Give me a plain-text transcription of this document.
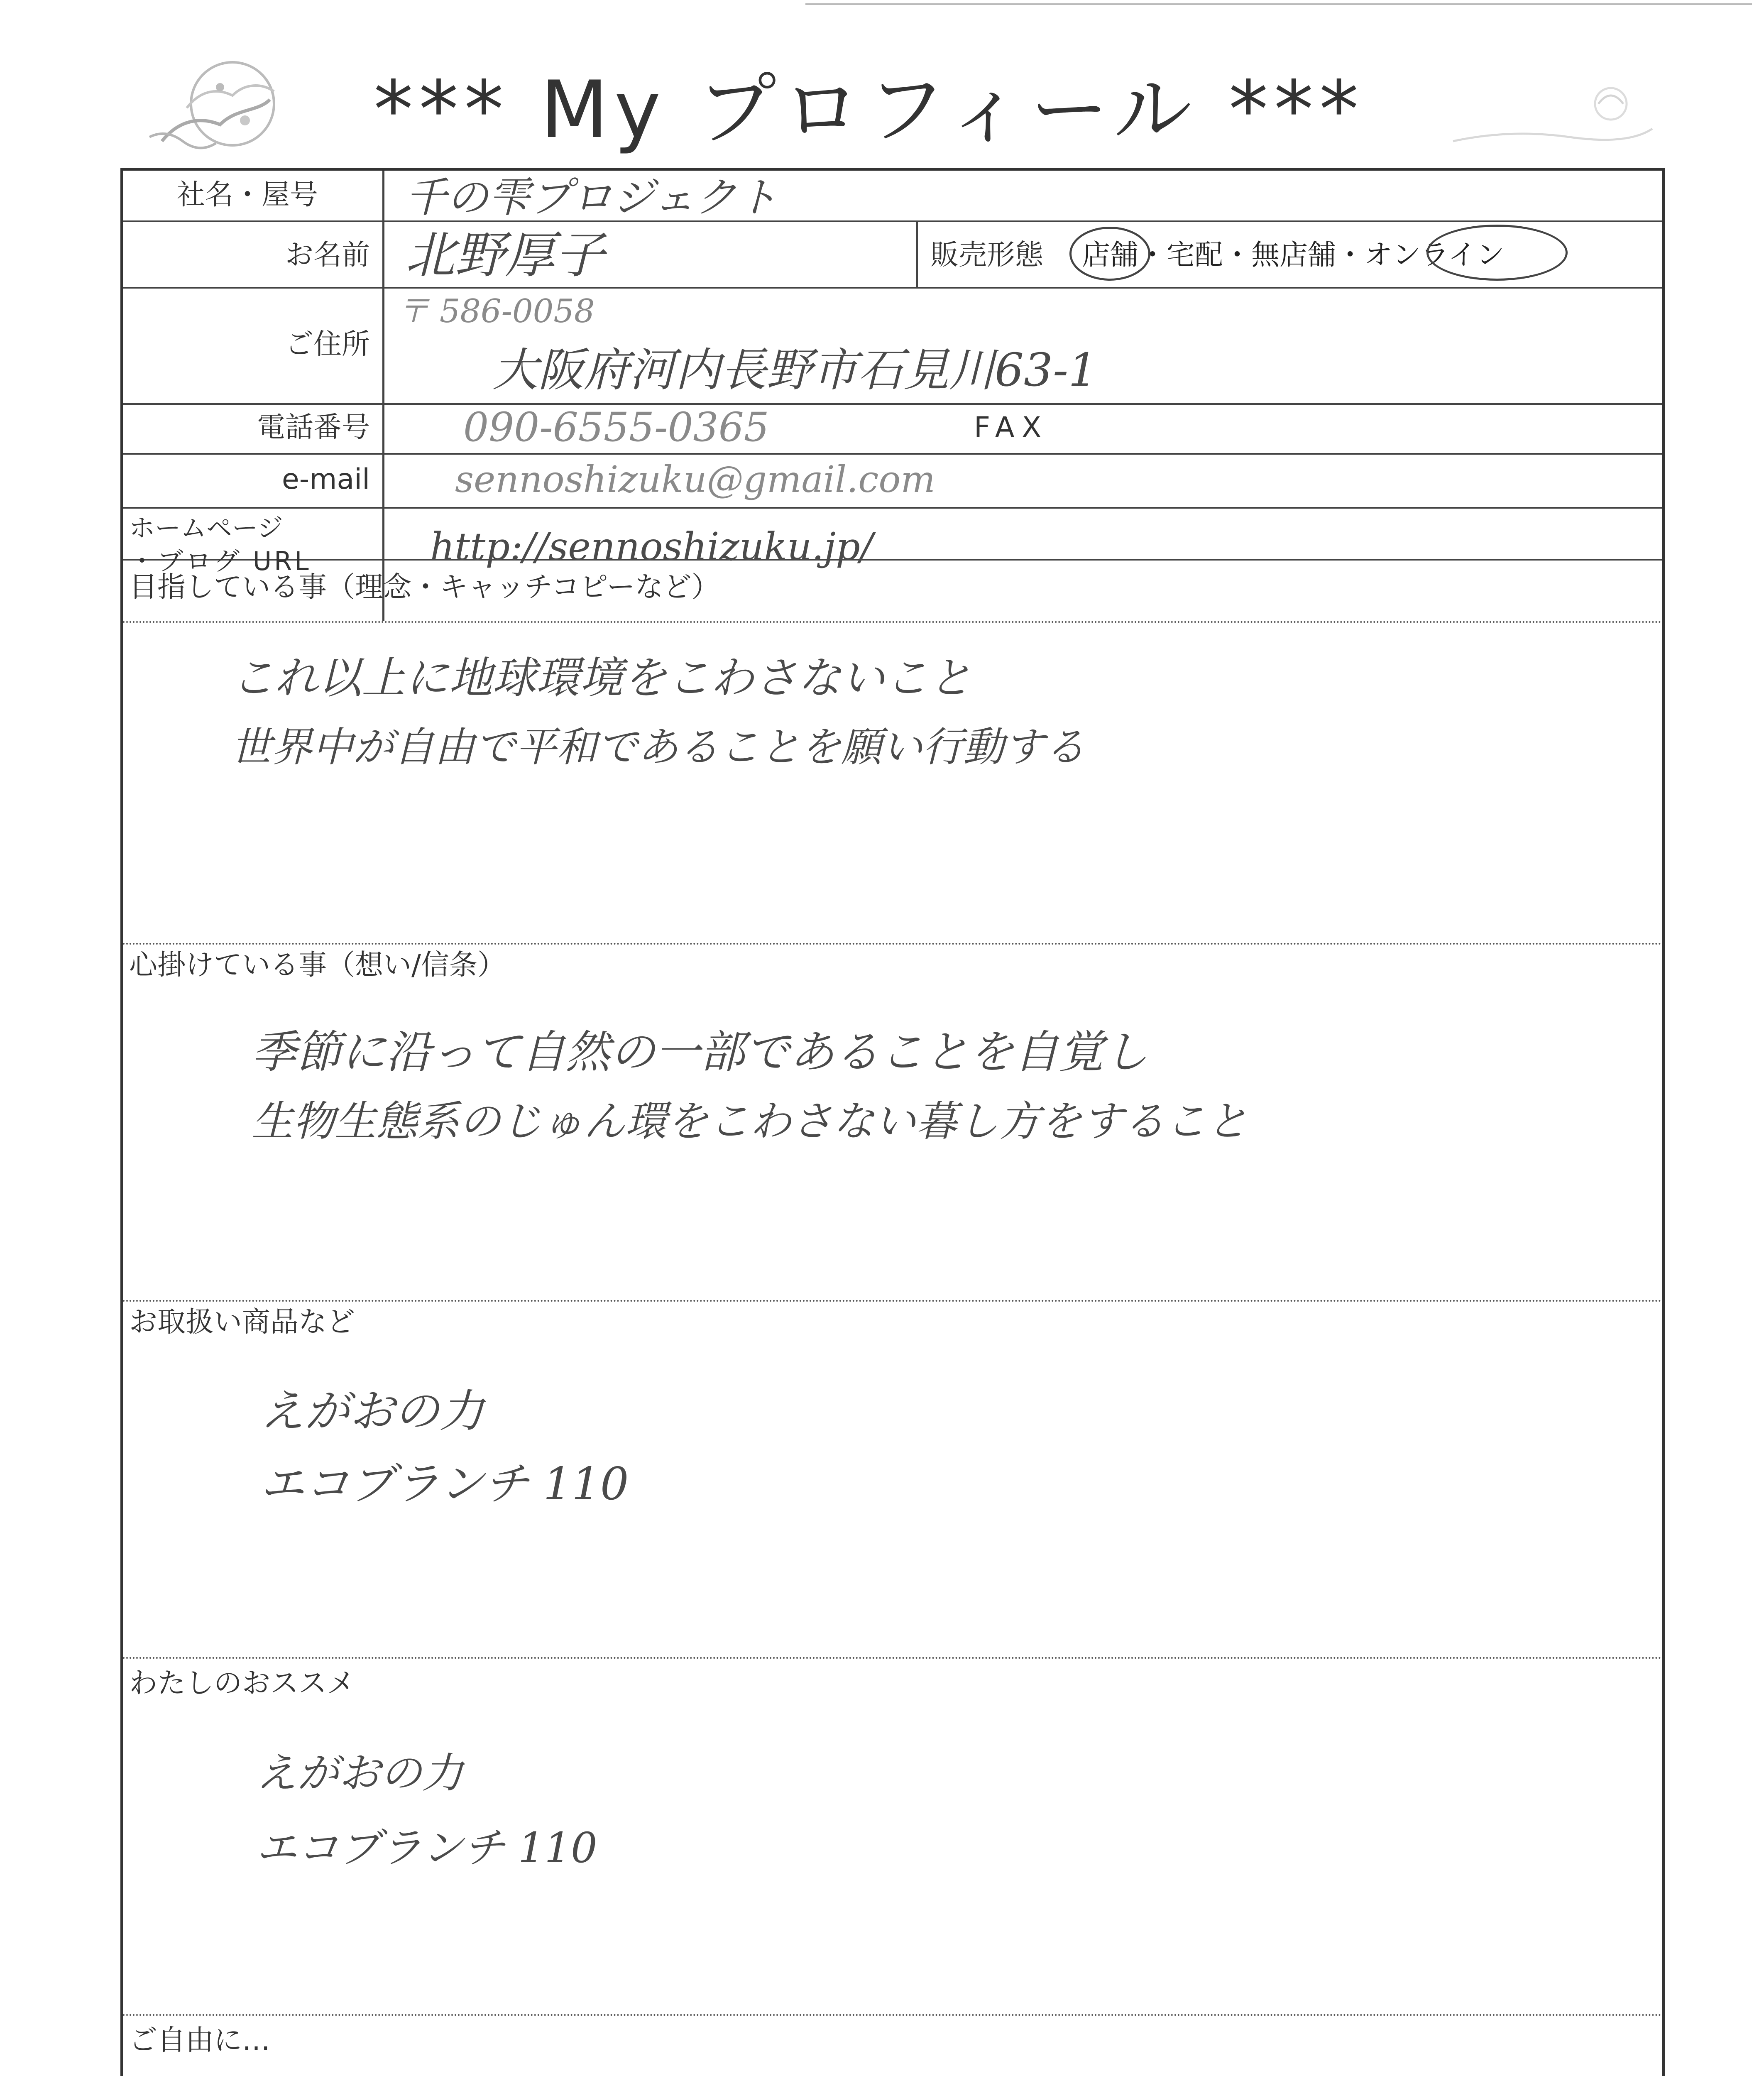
*** My プロフィール ***
社名・屋号	千の雫プロジェクト
お名前 北野厚子	販売形態 店舗・宅配・無店舗・オンライン
ご住所
〒 586-0058
大阪府河内長野市石見川63-1
電話番号 090-6555-0365	FAX
e-mail sennoshizuku@gmail.com
ホームページ
・ブログ URL	http://sennoshizuku.jp/
目指している事（理念・キャッチコピーなど）
これ以上に地球環境をこわさないこと
世界中が自由で平和であることを願い行動する
心掛けている事（想い/信条）
季節に沿って自然の一部であることを自覚し
生物生態系のじゅん環をこわさない暮し方をすること
お取扱い商品など
えがおの力
エコブランチ 110
わたしのおススメ
えがおの力
エコブランチ 110
ご自由に…
